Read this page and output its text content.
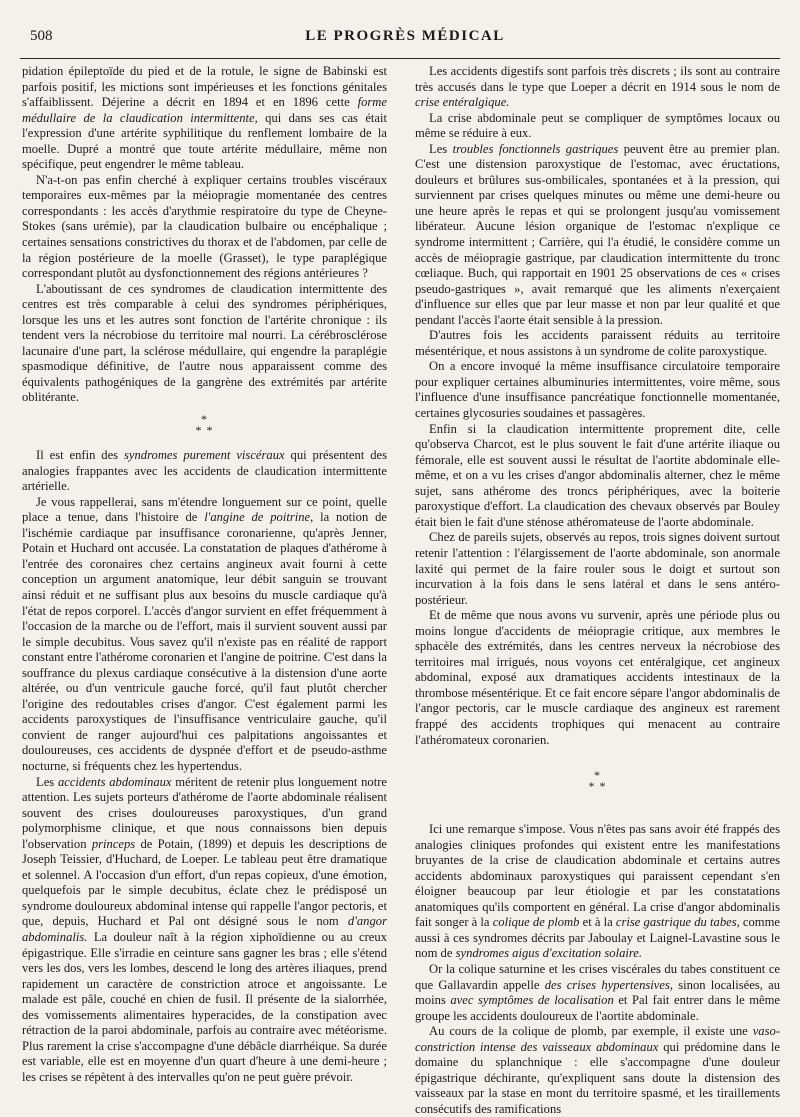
508	LE PROGRÈS MÉDICAL

pidation épileptoïde du pied et de la rotule, le signe de Babinski est parfois positif, les mictions sont impérieuses et les fonctions génitales s'affaiblissent. Déjerine a décrit en 1894 et en 1896 cette forme médullaire de la claudication intermittente, qui dans ses cas était l'expression d'une artérite syphilitique du renflement lombaire de la moelle. Dupré a montré que toute artérite médullaire, même non spécifique, peut engendrer le même tableau.

N'a-t-on pas enfin cherché à expliquer certains troubles viscéraux temporaires eux-mêmes par la méiopragie momentanée des centres correspondants : les accès d'arythmie respiratoire du type de Cheyne-Stokes (sans urémie), par la claudication bulbaire ou encéphalique ; certaines sensations constrictives du thorax et de l'abdomen, par celle de la région postérieure de la moelle (Grasset), le type paraplégique correspondant plutôt au dysfonctionnement des régions antérieures ?

L'aboutissant de ces syndromes de claudication intermittente des centres est très comparable à celui des syndromes périphériques, lorsque les uns et les autres sont fonction de l'artérite chronique : ils tendent vers la nécrobiose du territoire mal nourri. La cérébrosclérose lacunaire d'une part, la sclérose médullaire, qui engendre la paraplégie spasmodique définitive, de l'autre nous apparaissent comme des équivalents pathogéniques de la gangrène des extrémités par artérite oblitérante.

*
* *

Il est enfin des syndromes purement viscéraux qui présentent des analogies frappantes avec les accidents de claudication intermittente artérielle.

Je vous rappellerai, sans m'étendre longuement sur ce point, quelle place a tenue, dans l'histoire de l'angine de poitrine, la notion de l'ischémie cardiaque par insuffisance coronarienne, qu'après Jenner, Potain et Huchard ont accusée. La constatation de plaques d'athérome à l'entrée des coronaires chez certains angineux avait fourni à cette conception un argument anatomique, leur débit sanguin se trouvant ainsi réduit et ne suffisant plus aux besoins du muscle cardiaque qu'à l'état de repos corporel. L'accès d'angor survient en effet fréquemment à l'occasion de la marche ou de l'effort, mais il survient souvent aussi par le simple decubitus. Vous savez qu'il n'existe pas en réalité de rapport constant entre l'athérome coronarien et l'angine de poitrine. C'est dans la souffrance du plexus cardiaque consécutive à la distension d'une aorte altérée, ou d'un ventricule gauche forcé, qu'il faut plutôt chercher l'origine des redoutables crises d'angor. C'est également parmi les accidents paroxystiques de l'insuffisance ventriculaire gauche, qu'il convient de ranger aujourd'hui ces palpitations angoissantes et douloureuses, ces accidents de dyspnée d'effort et de pseudo-asthme nocturne, si fréquents chez les hypertendus.

Les accidents abdominaux méritent de retenir plus longuement notre attention. Les sujets porteurs d'athérome de l'aorte abdominale réalisent souvent des crises douloureuses paroxystiques, d'un grand polymorphisme clinique, et que nous connaissons bien depuis l'observation princeps de Potain, (1899) et depuis les descriptions de Joseph Teissier, d'Huchard, de Loeper. Le tableau peut être dramatique et solennel. A l'occasion d'un effort, d'un repas copieux, d'une émotion, quelquefois par le simple decubitus, éclate chez le prédisposé un syndrome douloureux abdominal intense qui rappelle l'angor pectoris, et que, depuis, Huchard et Pal ont désigné sous le nom d'angor abdominalis. La douleur naît à la région xiphoïdienne ou au creux épigastrique. Elle s'irradie en ceinture sans gagner les bras ; elle s'étend vers les dos, vers les lombes, descend le long des artères iliaques, prend rapidement un caractère de constriction atroce et angoissante. Le malade est pâle, couché en chien de fusil. Il présente de la sialorrhée, des vomissements alimentaires hyperacides, de la constipation avec rétraction de la paroi abdominale, parfois au contraire avec météorisme. Plus rarement la crise s'accompagne d'une débâcle diarrhéique. Sa durée est variable, elle est en moyenne d'un quart d'heure à une demi-heure ; les crises se répètent à des intervalles qu'on ne peut guère prévoir.

Les accidents digestifs sont parfois très discrets ; ils sont au contraire très accusés dans le type que Loeper a décrit en 1914 sous le nom de crise entéralgique.

La crise abdominale peut se compliquer de symptômes locaux ou même se réduire à eux.

Les troubles fonctionnels gastriques peuvent être au premier plan. C'est une distension paroxystique de l'estomac, avec éructations, douleurs et brûlures sus-ombilicales, spontanées et à la pression, qui surviennent par crises quelques minutes ou même une demi-heure ou une heure après le repas et qui se prolongent jusqu'au vomissement libérateur. Aucune lésion organique de l'estomac n'explique ce syndrome intermittent ; Carrière, qui l'a étudié, le considère comme un accès de méiopragie gastrique, par claudication intermittente du tronc cœliaque. Buch, qui rapportait en 1901 25 observations de ces « crises pseudo-gastriques », avait remarqué que les aliments n'exerçaient d'influence sur elles que par leur masse et non par leur qualité et que pendant l'accès l'aorte était sensible à la pression.

D'autres fois les accidents paraissent réduits au territoire mésentérique, et nous assistons à un syndrome de colite paroxystique.

On a encore invoqué la même insuffisance circulatoire temporaire pour expliquer certaines albuminuries intermittentes, voire même, sous l'influence d'une insuffisance pancréatique fonctionnelle momentanée, certaines glycosuries soudaines et passagères.

Enfin si la claudication intermittente proprement dite, celle qu'observa Charcot, est le plus souvent le fait d'une artérite iliaque ou fémorale, elle est souvent aussi le résultat de l'aortite abdominale elle-même, et on a vu les crises d'angor abdominalis alterner, chez le même sujet, sans athérome des troncs périphériques, avec la boiterie paroxystique d'effort. La claudication des chevaux observés par Bouley était bien le fait d'une sténose athéromateuse de l'aorte abdominale.

Chez de pareils sujets, observés au repos, trois signes doivent surtout retenir l'attention : l'élargissement de l'aorte abdominale, son anormale laxité qui permet de la faire rouler sous le doigt et surtout son incurvation à la fois dans le sens latéral et dans le sens antéro-postérieur.

Et de même que nous avons vu survenir, après une période plus ou moins longue d'accidents de méiopragie critique, aux membres le sphacèle des extrémités, dans les centres nerveux la nécrobiose des territoires mal irrigués, nous voyons cet entéralgique, cet angineux abdominal, exposé aux dramatiques accidents intestinaux de la thrombose mésentérique. Et ce fait encore sépare l'angor abdominalis de l'angor pectoris, car le muscle cardiaque des angineux est rarement frappé des accidents trophiques qui menacent au contraire l'athéromateux coronarien.

*
* *

Ici une remarque s'impose. Vous n'êtes pas sans avoir été frappés des analogies cliniques profondes qui existent entre les manifestations bruyantes de la crise de claudication abdominale et certains autres accidents abdominaux paroxystiques qui paraissent cependant s'en éloigner beaucoup par leur étiologie et par les constatations anatomiques qu'ils comportent en général. La crise d'angor abdominalis fait songer à la colique de plomb et à la crise gastrique du tabes, comme aussi à ces syndromes décrits par Jaboulay et Laignel-Lavastine sous le nom de syndromes aigus d'excitation solaire.

Or la colique saturnine et les crises viscérales du tabes constituent ce que Gallavardin appelle des crises hypertensives, sinon localisées, au moins avec symptômes de localisation et Pal fait entrer dans le même groupe les accidents douloureux de l'aortite abdominale.

Au cours de la colique de plomb, par exemple, il existe une vaso-constriction intense des vaisseaux abdominaux qui prédomine dans le domaine du splanchnique : elle s'accompagne d'une douleur épigastrique déchirante, qu'expliquent sans doute la distension des vaisseaux par la stase en mont du territoire spasmé, et les tiraillements consécutifs des ramifications
